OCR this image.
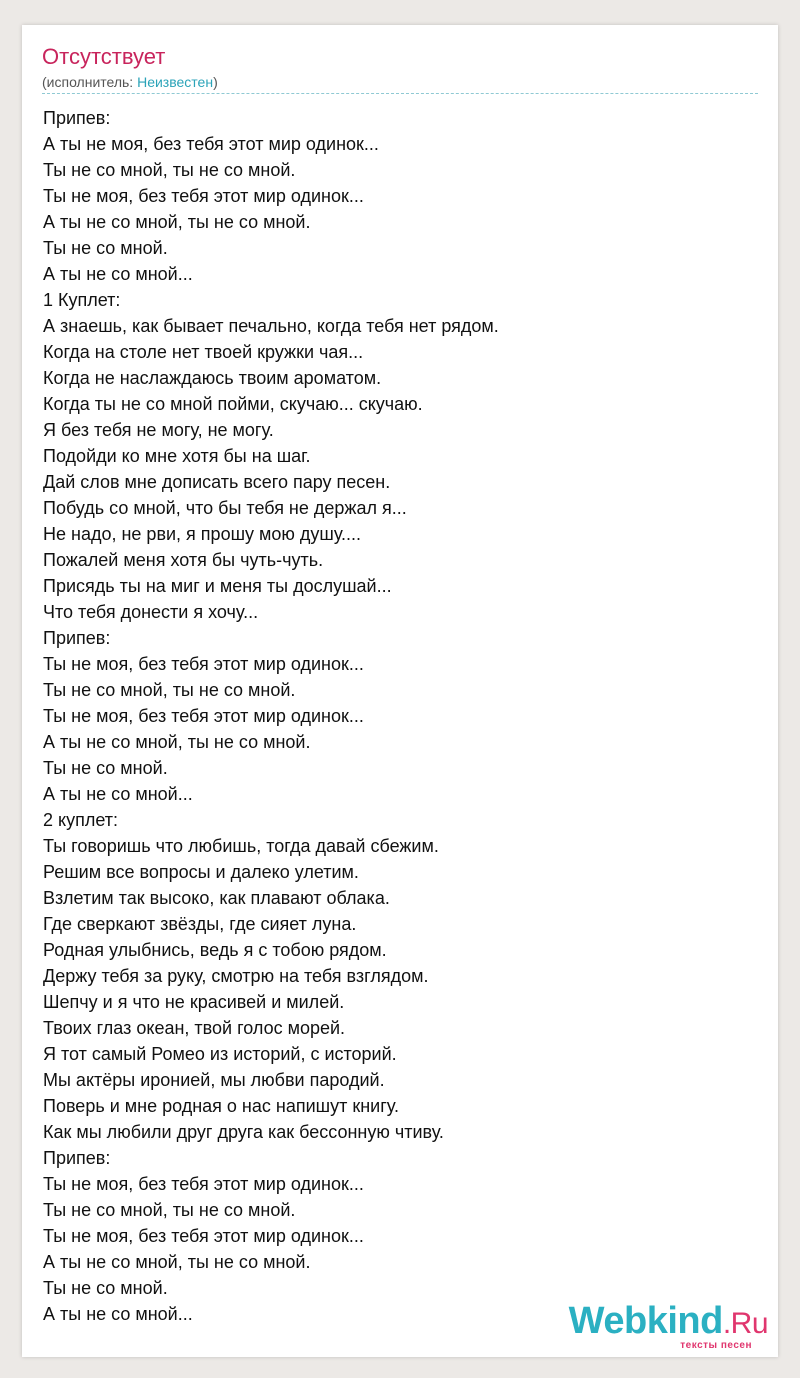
Отсутствует
(исполнитель: Неизвестен)
Припев:
А ты не моя, без тебя этот мир одинок...
Ты не со мной, ты не со мной.
Ты не моя, без тебя этот мир одинок...
А ты не со мной, ты не со мной.
Ты не со мной.
А ты не со мной...
1 Куплет:
А знаешь, как бывает печально, когда тебя нет рядом.
Когда на столе нет твоей кружки чая...
Когда не наслаждаюсь твоим ароматом.
Когда ты не со мной пойми, скучаю... скучаю.
Я без тебя не могу, не могу.
Подойди ко мне хотя бы на шаг.
Дай слов мне дописать всего пару песен.
Побудь со мной, что бы тебя не держал я...
Не надо, не рви, я прошу мою душу....
Пожалей меня хотя бы чуть-чуть.
Присядь ты на миг и меня ты дослушай...
Что тебя донести я хочу...
Припев:
Ты не моя, без тебя этот мир одинок...
Ты не со мной, ты не со мной.
Ты не моя, без тебя этот мир одинок...
А ты не со мной, ты не со мной.
Ты не со мной.
А ты не со мной...
2 куплет:
Ты говоришь что любишь, тогда давай сбежим.
Решим все вопросы и далеко улетим.
Взлетим так высоко, как плавают облака.
Где сверкают звёзды, где сияет луна.
Родная улыбнись, ведь я с тобою рядом.
Держу тебя за руку, смотрю на тебя взглядом.
Шепчу и я что не красивей и милей.
Твоих глаз океан, твой голос морей.
Я тот самый Ромео из историй, с историй.
Мы актёры иронией, мы любви пародий.
Поверь и мне родная о нас напишут книгу.
Как мы любили друг друга как бессонную чтиву.
Припев:
Ты не моя, без тебя этот мир одинок...
Ты не со мной, ты не со мной.
Ты не моя, без тебя этот мир одинок...
А ты не со мной, ты не со мной.
Ты не со мной.
А ты не со мной...	Webkind.Ru
тексты песен
